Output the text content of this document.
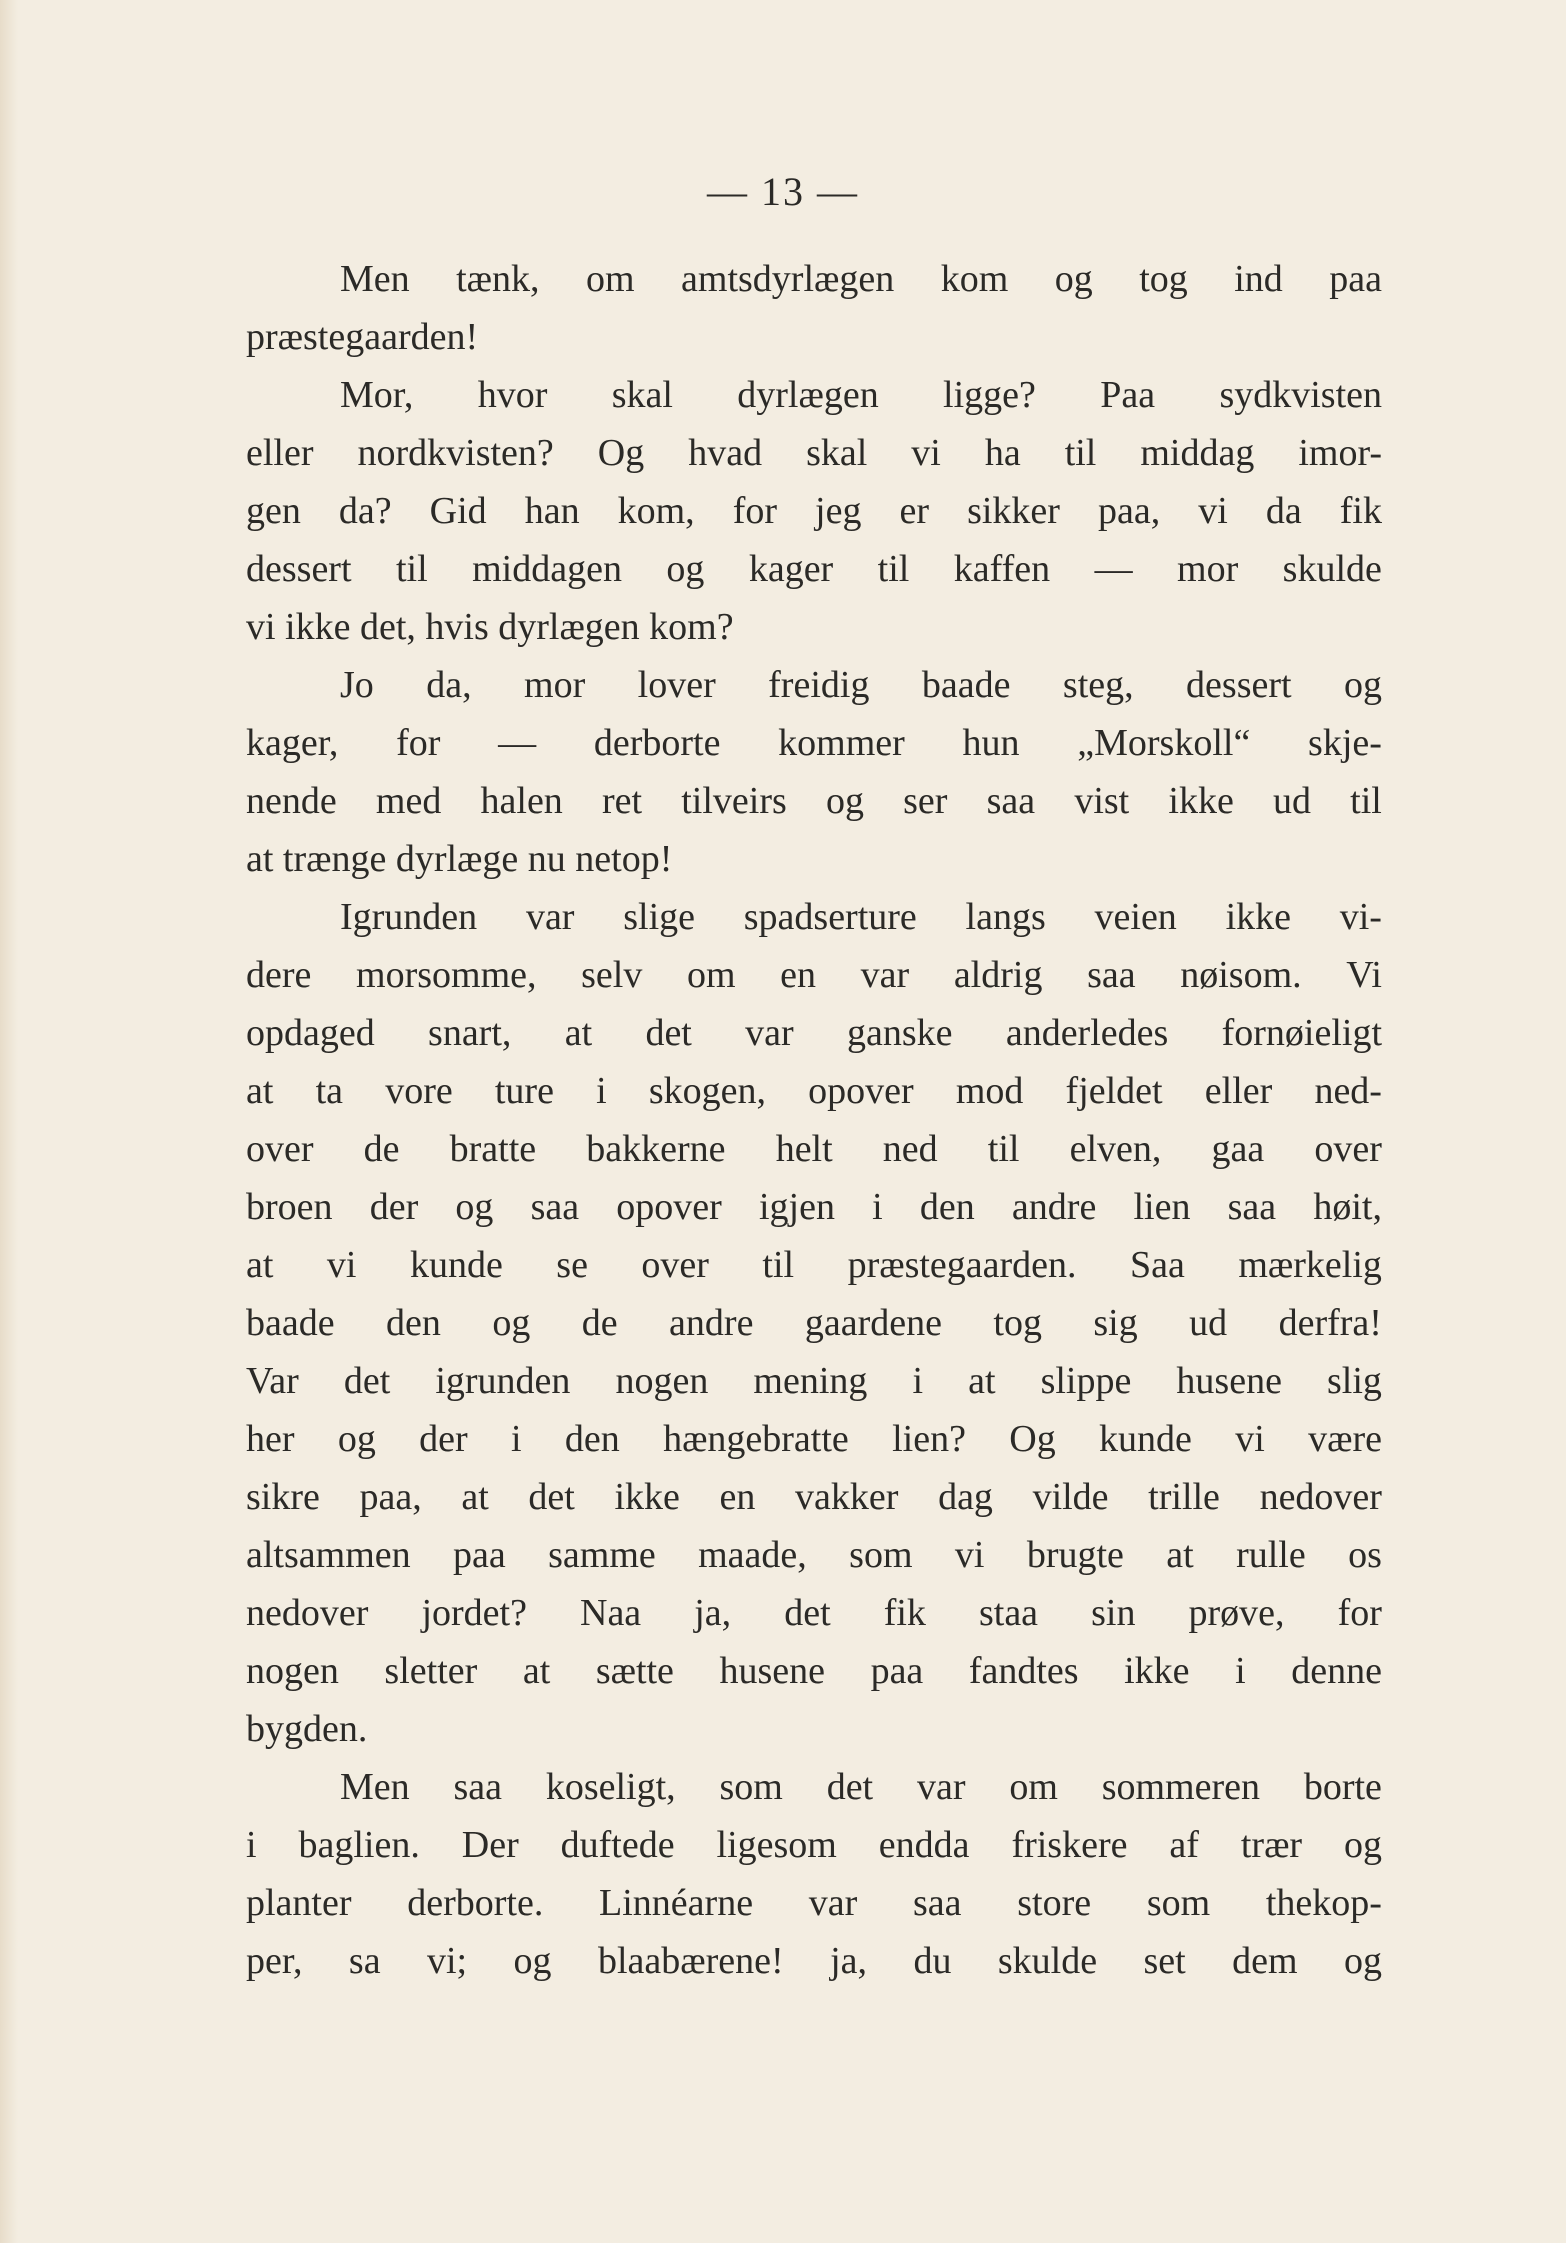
— 13 —
Men tænk, om amtsdyrlægen kom og tog ind paa
præstegaarden!
Mor, hvor skal dyrlægen ligge? Paa sydkvisten
eller nordkvisten? Og hvad skal vi ha til middag imor-
gen da? Gid han kom, for jeg er sikker paa, vi da fik
dessert til middagen og kager til kaffen — mor skulde
vi ikke det, hvis dyrlægen kom?
Jo da, mor lover freidig baade steg, dessert og
kager, for — derborte kommer hun „Morskoll“ skje-
nende med halen ret tilveirs og ser saa vist ikke ud til
at trænge dyrlæge nu netop!
Igrunden var slige spadserture langs veien ikke vi-
dere morsomme, selv om en var aldrig saa nøisom. Vi
opdaged snart, at det var ganske anderledes fornøieligt
at ta vore ture i skogen, opover mod fjeldet eller ned-
over de bratte bakkerne helt ned til elven, gaa over
broen der og saa opover igjen i den andre lien saa høit,
at vi kunde se over til præstegaarden. Saa mærkelig
baade den og de andre gaardene tog sig ud derfra!
Var det igrunden nogen mening i at slippe husene slig
her og der i den hængebratte lien? Og kunde vi være
sikre paa, at det ikke en vakker dag vilde trille nedover
altsammen paa samme maade, som vi brugte at rulle os
nedover jordet? Naa ja, det fik staa sin prøve, for
nogen sletter at sætte husene paa fandtes ikke i denne
bygden.
Men saa koseligt, som det var om sommeren borte
i baglien. Der duftede ligesom endda friskere af trær og
planter derborte. Linnéarne var saa store som thekop-
per, sa vi; og blaabærene! ja, du skulde set dem og
